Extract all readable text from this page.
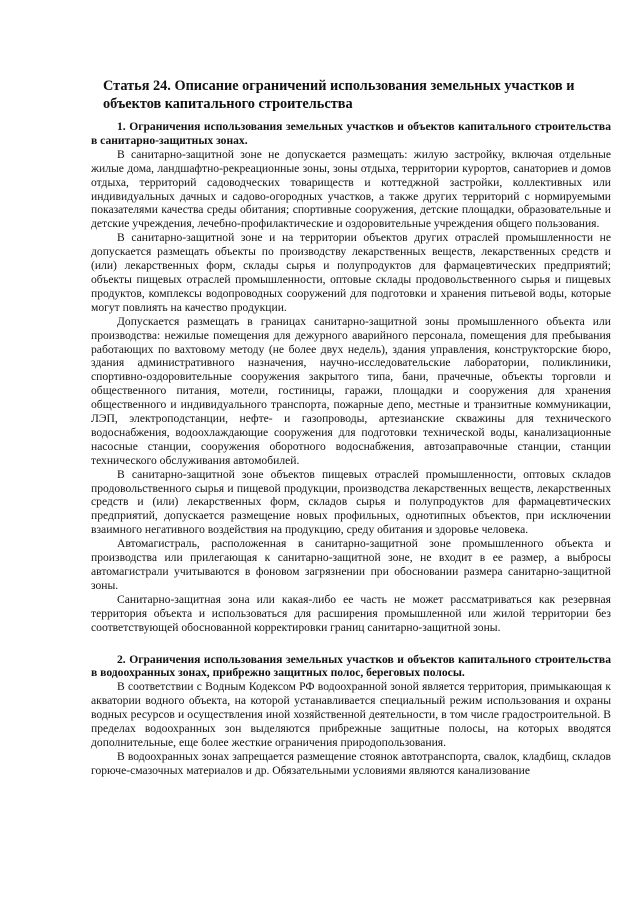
Статья 24. Описание ограничений использования земельных участков и объектов капитального строительства

1. Ограничения использования земельных участков и объектов капитального строительства в санитарно-защитных зонах.

В санитарно-защитной зоне не допускается размещать: жилую застройку, включая отдельные жилые дома, ландшафтно-рекреационные зоны, зоны отдыха, территории курортов, санаториев и домов отдыха, территорий садоводческих товариществ и коттеджной застройки, коллективных или индивидуальных дачных и садово-огородных участков, а также других территорий с нормируемыми показателями качества среды обитания; спортивные сооружения, детские площадки, образовательные и детские учреждения, лечебно-профилактические и оздоровительные учреждения общего пользования.

В санитарно-защитной зоне и на территории объектов других отраслей промышленности не допускается размещать объекты по производству лекарственных веществ, лекарственных средств и (или) лекарственных форм, склады сырья и полупродуктов для фармацевтических предприятий; объекты пищевых отраслей промышленности, оптовые склады продовольственного сырья и пищевых продуктов, комплексы водопроводных сооружений для подготовки и хранения питьевой воды, которые могут повлиять на качество продукции.

Допускается размещать в границах санитарно-защитной зоны промышленного объекта или производства: нежилые помещения для дежурного аварийного персонала, помещения для пребывания работающих по вахтовому методу (не более двух недель), здания управления, конструкторские бюро, здания административного назначения, научно-исследовательские лаборатории, поликлиники, спортивно-оздоровительные сооружения закрытого типа, бани, прачечные, объекты торговли и общественного питания, мотели, гостиницы, гаражи, площадки и сооружения для хранения общественного и индивидуального транспорта, пожарные депо, местные и транзитные коммуникации, ЛЭП, электроподстанции, нефте- и газопроводы, артезианские скважины для технического водоснабжения, водоохлаждающие сооружения для подготовки технической воды, канализационные насосные станции, сооружения оборотного водоснабжения, автозаправочные станции, станции технического обслуживания автомобилей.

В санитарно-защитной зоне объектов пищевых отраслей промышленности, оптовых складов продовольственного сырья и пищевой продукции, производства лекарственных веществ, лекарственных средств и (или) лекарственных форм, складов сырья и полупродуктов для фармацевтических предприятий, допускается размещение новых профильных, однотипных объектов, при исключении взаимного негативного воздействия на продукцию, среду обитания и здоровье человека.

Автомагистраль, расположенная в санитарно-защитной зоне промышленного объекта и производства или прилегающая к санитарно-защитной зоне, не входит в ее размер, а выбросы автомагистрали учитываются в фоновом загрязнении при обосновании размера санитарно-защитной зоны.

Санитарно-защитная зона или какая-либо ее часть не может рассматриваться как резервная территория объекта и использоваться для расширения промышленной или жилой территории без соответствующей обоснованной корректировки границ санитарно-защитной зоны.

2. Ограничения использования земельных участков и объектов капитального строительства в водоохранных зонах, прибрежно защитных полос, береговых полосы.

В соответствии с Водным Кодексом РФ водоохранной зоной является территория, примыкающая к акватории водного объекта, на которой устанавливается специальный режим использования и охраны водных ресурсов и осуществления иной хозяйственной деятельности, в том числе градостроительной. В пределах водоохранных зон выделяются прибрежные защитные полосы, на которых вводятся дополнительные, еще более жесткие ограничения природопользования.

В водоохранных зонах запрещается размещение стоянок автотранспорта, свалок, кладбищ, складов горюче-смазочных материалов и др. Обязательными условиями являются канализование
